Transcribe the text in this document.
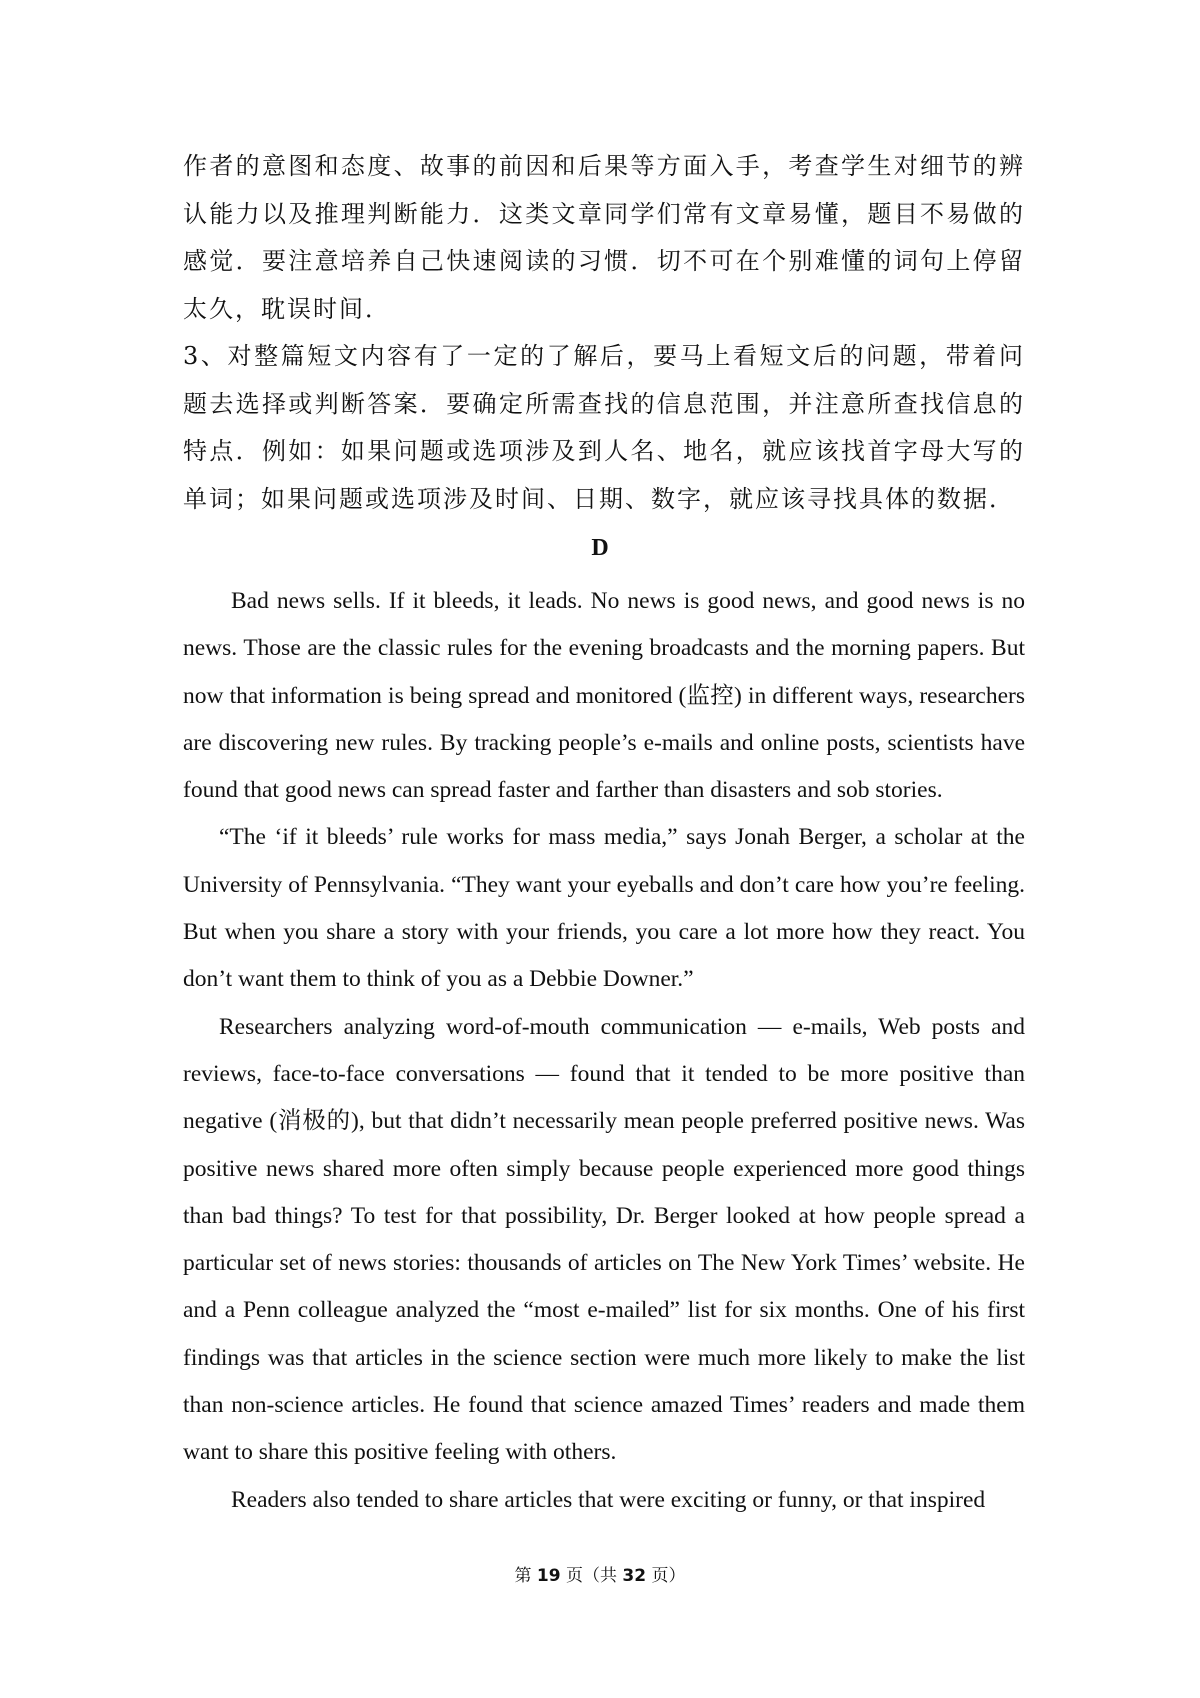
作者的意图和态度、故事的前因和后果等方面入手，考查学生对细节的辨认能力以及推理判断能力．这类文章同学们常有文章易懂，题目不易做的感觉．要注意培养自己快速阅读的习惯．切不可在个别难懂的词句上停留太久，耽误时间．

3、对整篇短文内容有了一定的了解后，要马上看短文后的问题，带着问题去选择或判断答案．要确定所需查找的信息范围，并注意所查找信息的特点．例如：如果问题或选项涉及到人名、地名，就应该找首字母大写的单词；如果问题或选项涉及时间、日期、数字，就应该寻找具体的数据．

D

Bad news sells. If it bleeds, it leads. No news is good news, and good news is no news. Those are the classic rules for the evening broadcasts and the morning papers. But now that information is being spread and monitored (监控) in different ways, researchers are discovering new rules. By tracking people’s e-mails and online posts, scientists have found that good news can spread faster and farther than disasters and sob stories.

“The ‘if it bleeds’ rule works for mass media,” says Jonah Berger, a scholar at the University of Pennsylvania. “They want your eyeballs and don’t care how you’re feeling. But when you share a story with your friends, you care a lot more how they react. You don’t want them to think of you as a Debbie Downer.”

Researchers analyzing word-of-mouth communication — e-mails, Web posts and reviews, face-to-face conversations — found that it tended to be more positive than negative (消极的), but that didn’t necessarily mean people preferred positive news. Was positive news shared more often simply because people experienced more good things than bad things? To test for that possibility, Dr. Berger looked at how people spread a particular set of news stories: thousands of articles on The New York Times’ website. He and a Penn colleague analyzed the “most e-mailed” list for six months. One of his first findings was that articles in the science section were much more likely to make the list than non-science articles. He found that science amazed Times’ readers and made them want to share this positive feeling with others.

Readers also tended to share articles that were exciting or funny, or that inspired

第 19 页（共 32 页）
